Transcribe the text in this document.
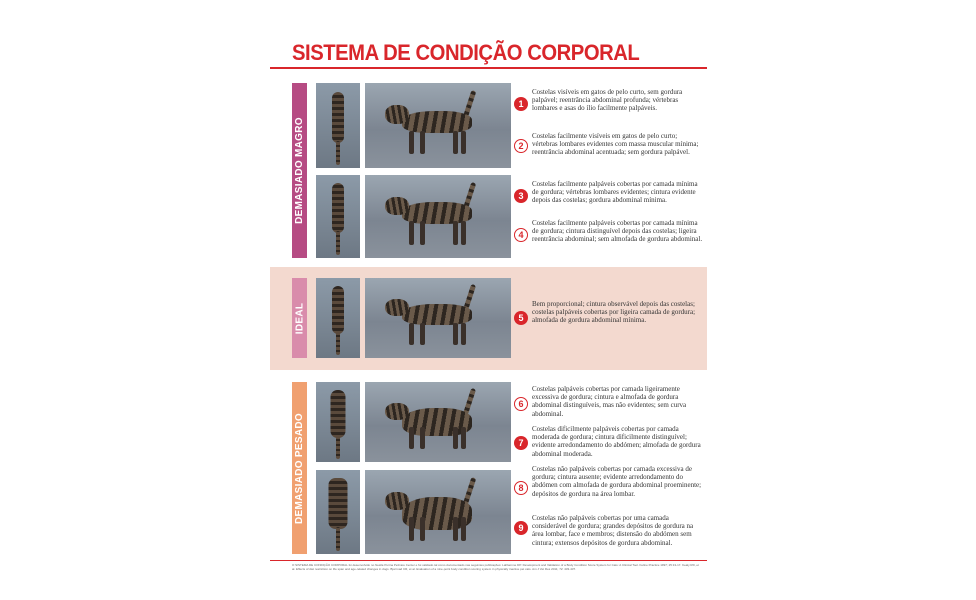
SISTEMA DE CONDIÇÃO CORPORAL
DEMASIADO MAGRO
1
Costelas visíveis em gatos de pelo curto, sem gordura palpável; reentrância abdominal profunda; vértebras lombares e asas do ílio facilmente palpáveis.
2
Costelas facilmente visíveis em gatos de pelo curto; vértebras lombares evidentes com massa muscular mínima; reentrância abdominal acentuada; sem gordura palpável.
3
Costelas facilmente palpáveis cobertas por camada mínima de gordura; vértebras lombares evidentes; cintura evidente depois das costelas; gordura abdominal mínima.
4
Costelas facilmente palpáveis cobertas por camada mínima de gordura; cintura distinguível depois das costelas; ligeira reentrância abdominal; sem almofada de gordura abdominal.
IDEAL	5
Bem proporcional; cintura observável depois das costelas; costelas palpáveis cobertas por ligeira camada de gordura; almofada de gordura abdominal mínima.
DEMASIADO PESADO
6
Costelas palpáveis cobertas por camada ligeiramente excessiva de gordura; cintura e almofada de gordura abdominal distinguíveis, mas não evidentes; sem curva abdominal.
7
Costelas dificilmente palpáveis cobertas por camada moderada de gordura; cintura dificilmente distinguível; evidente arredondamento do abdómen; almofada de gordura abdominal moderada.
8
Costelas não palpáveis cobertas por camada excessiva de gordura; cintura ausente; evidente arredondamento do abdómen com almofada de gordura abdominal proeminente; depósitos de gordura na área lombar.
9
Costelas não palpáveis cobertas por uma camada considerável de gordura; grandes depósitos de gordura na área lombar, face e membros; distensão do abdómen sem cintura; extensos depósitos de gordura abdominal.
O SISTEMA DE CONDIÇÃO CORPORAL foi desenvolvido no Nestlé Purina PetCare Center e foi validado tal como documentado nas seguintes publicações: LaFlamme DP. Development and Validation of a Body Condition Score System for Cats: A Clinical Tool. Feline Practice 1997; 25:13-17. Kealy RD, et al. Effects of diet restriction on life span and age-related changes in dogs. Bjornvad CR, et al. Evaluation of a nine-point body condition scoring system in physically inactive pet cats. Am J Vet Res 2011; 72: 433-437.
